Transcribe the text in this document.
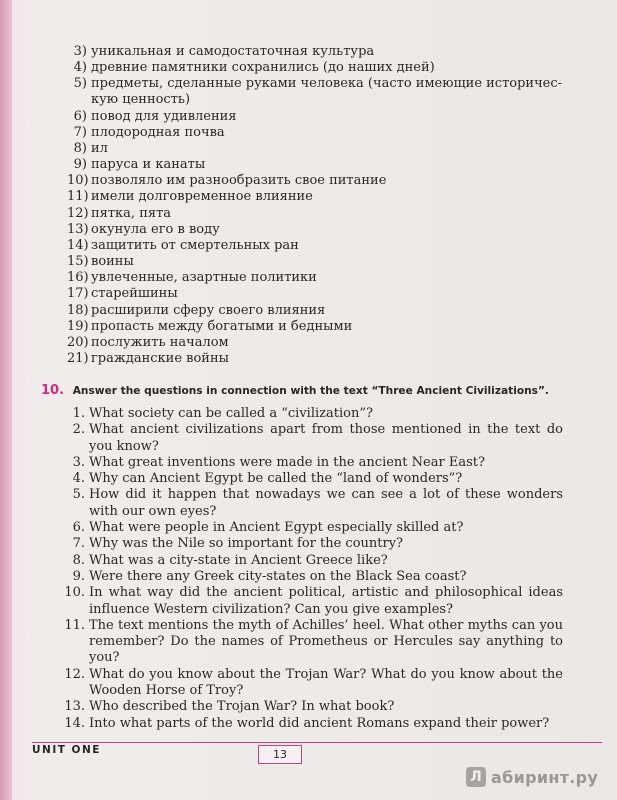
3) уникальная и самодостаточная культура
4) древние памятники сохранились (до наших дней)
5) предметы, сделанные руками человека (часто имеющие историчес-
кую ценность)
6) повод для удивления
7) плодородная почва
8) ил
9) паруса и канаты
10) позволяло им разнообразить свое питание
11) имели долговременное влияние
12) пятка, пята
13) окунула его в воду
14) защитить от смертельных ран
15) воины
16) увлеченные, азартные политики
17) старейшины
18) расширили сферу своего влияния
19) пропасть между богатыми и бедными
20) послужить началом
21) гражданские войны
10. Answer the questions in connection with the text “Three Ancient Civilizations”.
1. What society can be called a “civilization”?
2. What ancient civilizations apart from those mentioned in the text do you know?
3. What great inventions were made in the ancient Near East?
4. Why can Ancient Egypt be called the “land of wonders”?
5. How did it happen that nowadays we can see a lot of these wonders with our own eyes?
6. What were people in Ancient Egypt especially skilled at?
7. Why was the Nile so important for the country?
8. What was a city-state in Ancient Greece like?
9. Were there any Greek city-states on the Black Sea coast?
10. In what way did the ancient political, artistic and philosophical ideas influence Western civilization? Can you give examples?
11. The text mentions the myth of Achilles’ heel. What other myths can you remember? Do the names of Prometheus or Hercules say anything to you?
12. What do you know about the Trojan War? What do you know about the Wooden Horse of Troy?
13. Who described the Trojan War? In what book?
14. Into what parts of the world did ancient Romans expand their power?
UNIT ONE	13
Л абиринт.ру
